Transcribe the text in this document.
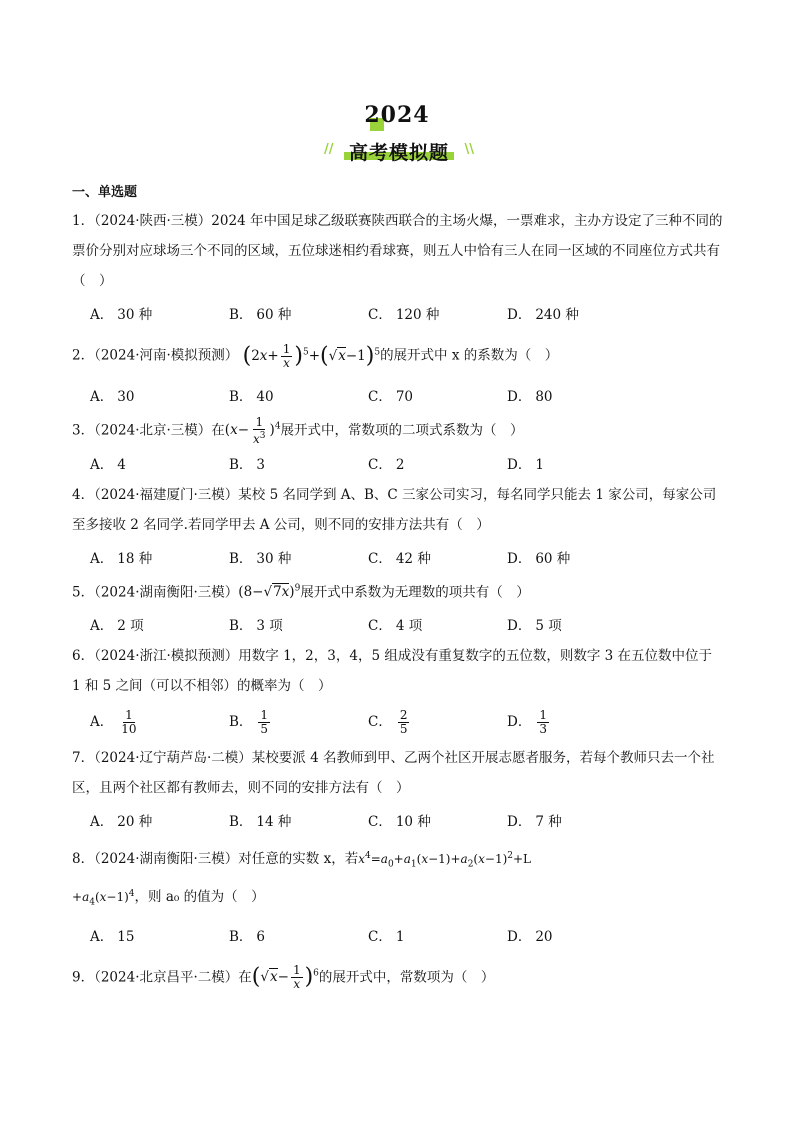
2024
// 高考模拟题	\\
一、单选题
1．（2024·陕西·三模）2024 年中国足球乙级联赛陕西联合的主场火爆，一票难求，主办方设定了三种不同的票价分别对应球场三个不同的区域，五位球迷相约看球赛，则五人中恰有三人在同一区域的不同座位方式共有（　）
A． 30 种	B． 60 种	C． 120 种	D． 240 种
2．（2024·河南·模拟预测） $(2x+ \frac{1}{x} )^5+(√x-1)^5$的展开式中 x 的系数为（　）
A． 30	B． 40	C． 70	D． 80
3．（2024·北京·三模）在$(x- \frac{1}{x^3} )^4$展开式中，常数项的二项式系数为（　）
A． 4	B． 3	C． 2	D． 1
4．（2024·福建厦门·三模）某校 5 名同学到 A、B、C 三家公司实习，每名同学只能去 1 家公司，每家公司至多接收 2 名同学.若同学甲去 A 公司，则不同的安排方法共有（　）
A． 18 种	B． 30 种	C． 42 种	D． 60 种
5．（2024·湖南衡阳·三模）$(8-√7x)^9$展开式中系数为无理数的项共有（　）
A． 2 项	B． 3 项	C． 4 项	D． 5 项
6．（2024·浙江·模拟预测）用数字 1，2，3，4，5 组成没有重复数字的五位数，则数字 3 在五位数中位于 1 和 5 之间（可以不相邻）的概率为（　）
A． $\frac{1}{10}$	B． $\frac{1}{5}$	C． $\frac{2}{5}$	D． $\frac{1}{3}$
7．（2024·辽宁葫芦岛·二模）某校要派 4 名教师到甲、乙两个社区开展志愿者服务，若每个教师只去一个社区，且两个社区都有教师去，则不同的安排方法有（　）
A． 20 种	B． 14 种	C． 10 种	D． 7 种
8．（2024·湖南衡阳·三模）对任意的实数 x，若$x^4=a_0+a_1(x-1)+a_2(x-1)^2+L +a_4(x-1)^4$，则 a₀ 的值为（　）
A． 15	B． 6	C． 1	D． 20
9．（2024·北京昌平·二模）在$(√x- \frac{1}{x} )^6$的展开式中，常数项为（　）
